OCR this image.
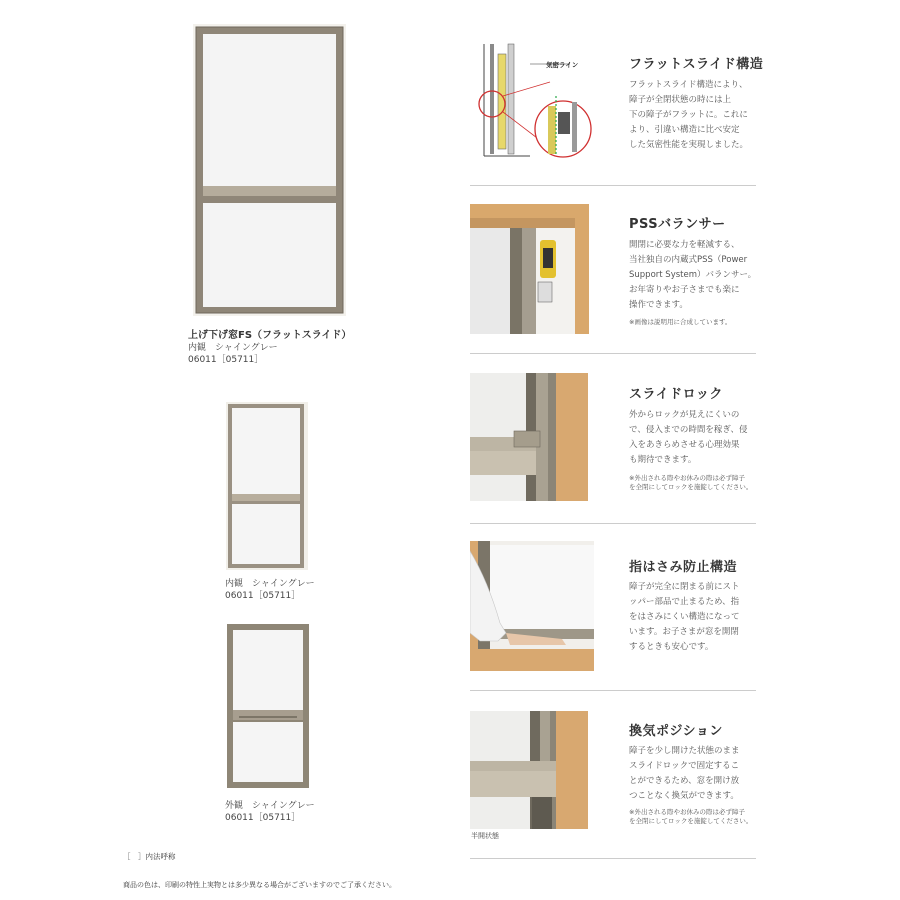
上げ下げ窓FS（フラットスライド）
内観　シャイングレー
06011［05711］
内観　シャイングレー
06011［05711］
外観　シャイングレー
06011［05711］
気密ライン	フラットスライド構造
フラットスライド構造により、
障子が全閉状態の時には上
下の障子がフラットに。これに
より、引違い構造に比べ安定
した気密性能を実現しました。
PSSバランサー
開閉に必要な力を軽減する、
当社独自の内蔵式PSS（Power
Support System）バランサー。
お年寄りやお子さまでも楽に
操作できます。
※画像は説明用に合成しています。
スライドロック
外からロックが見えにくいの
で、侵入までの時間を稼ぎ、侵
入をあきらめさせる心理効果
も期待できます。
※外出される際やお休みの際は必ず障子
を全閉にしてロックを施錠してください。
指はさみ防止構造
障子が完全に閉まる前にスト
ッパー部品で止まるため、指
をはさみにくい構造になって
います。お子さまが窓を開閉
するときも安心です。
半開状態
換気ポジション
障子を少し開けた状態のまま
スライドロックで固定するこ
とができるため、窓を開け放
つことなく換気ができます。
※外出される際やお休みの際は必ず障子
を全閉にしてロックを施錠してください。
［　］内法呼称
商品の色は、印刷の特性上実物とは多少異なる場合がございますのでご了承ください。
